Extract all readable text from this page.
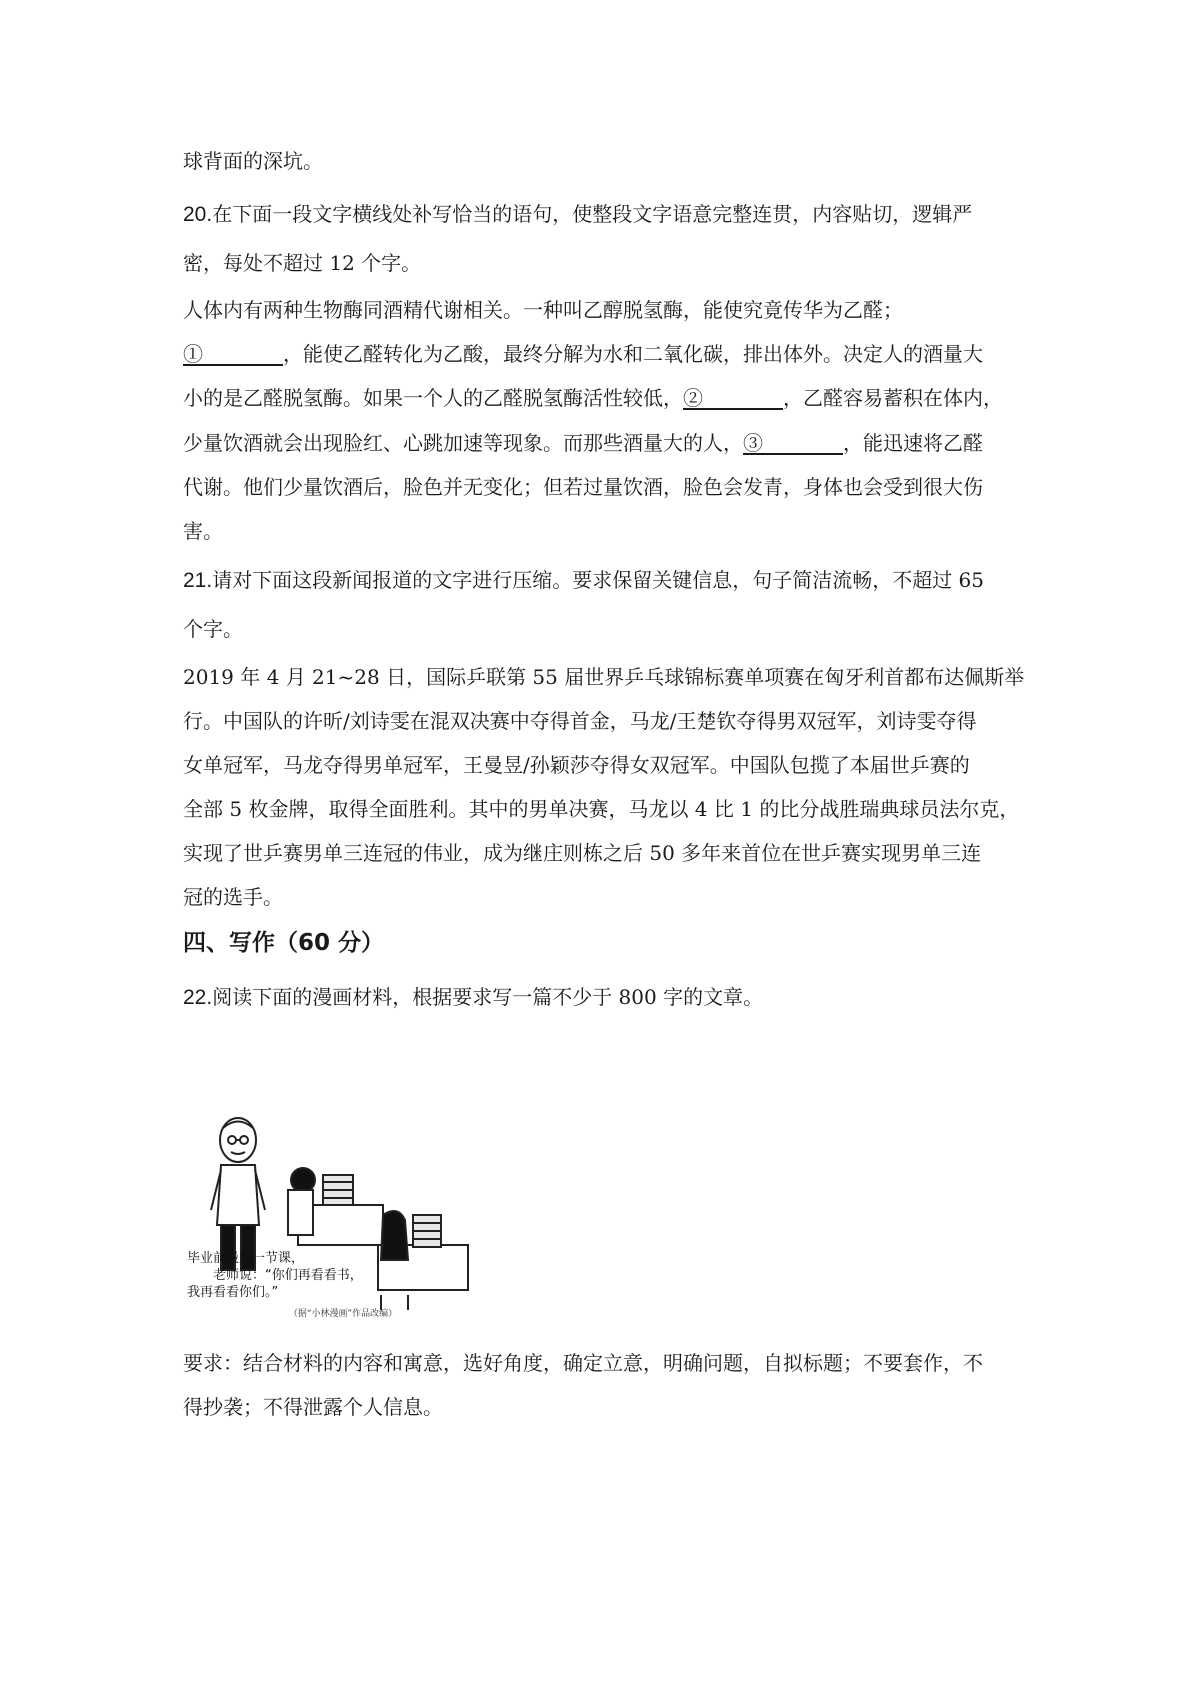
球背面的深坑。
20.在下面一段文字横线处补写恰当的语句，使整段文字语意完整连贯，内容贴切，逻辑严
密，每处不超过 12 个字。
人体内有两种生物酶同酒精代谢相关。一种叫乙醇脱氢酶，能使究竟传华为乙醛；
①________，能使乙醛转化为乙酸，最终分解为水和二氧化碳，排出体外。决定人的酒量大
小的是乙醛脱氢酶。如果一个人的乙醛脱氢酶活性较低，②________，乙醛容易蓄积在体内，
少量饮酒就会出现脸红、心跳加速等现象。而那些酒量大的人，③________，能迅速将乙醛
代谢。他们少量饮酒后，脸色并无变化；但若过量饮酒，脸色会发青，身体也会受到很大伤
害。
21.请对下面这段新闻报道的文字进行压缩。要求保留关键信息，句子简洁流畅，不超过 65
个字。
2019 年 4 月 21~28 日，国际乒联第 55 届世界乒乓球锦标赛单项赛在匈牙利首都布达佩斯举
行。中国队的许昕/刘诗雯在混双决赛中夺得首金，马龙/王楚钦夺得男双冠军，刘诗雯夺得
女单冠军，马龙夺得男单冠军，王曼昱/孙颖莎夺得女双冠军。中国队包揽了本届世乒赛的
全部 5 枚金牌，取得全面胜利。其中的男单决赛，马龙以 4 比 1 的比分战胜瑞典球员法尔克，
实现了世乒赛男单三连冠的伟业，成为继庄则栋之后 50 多年来首位在世乒赛实现男单三连
冠的选手。
四、写作（60 分）
22.阅读下面的漫画材料，根据要求写一篇不少于 800 字的文章。
毕业前最后一节课，
老师说：“你们再看看书，
我再看看你们。”
（据“小林漫画”作品改编）
要求：结合材料的内容和寓意，选好角度，确定立意，明确问题，自拟标题；不要套作，不
得抄袭；不得泄露个人信息。
